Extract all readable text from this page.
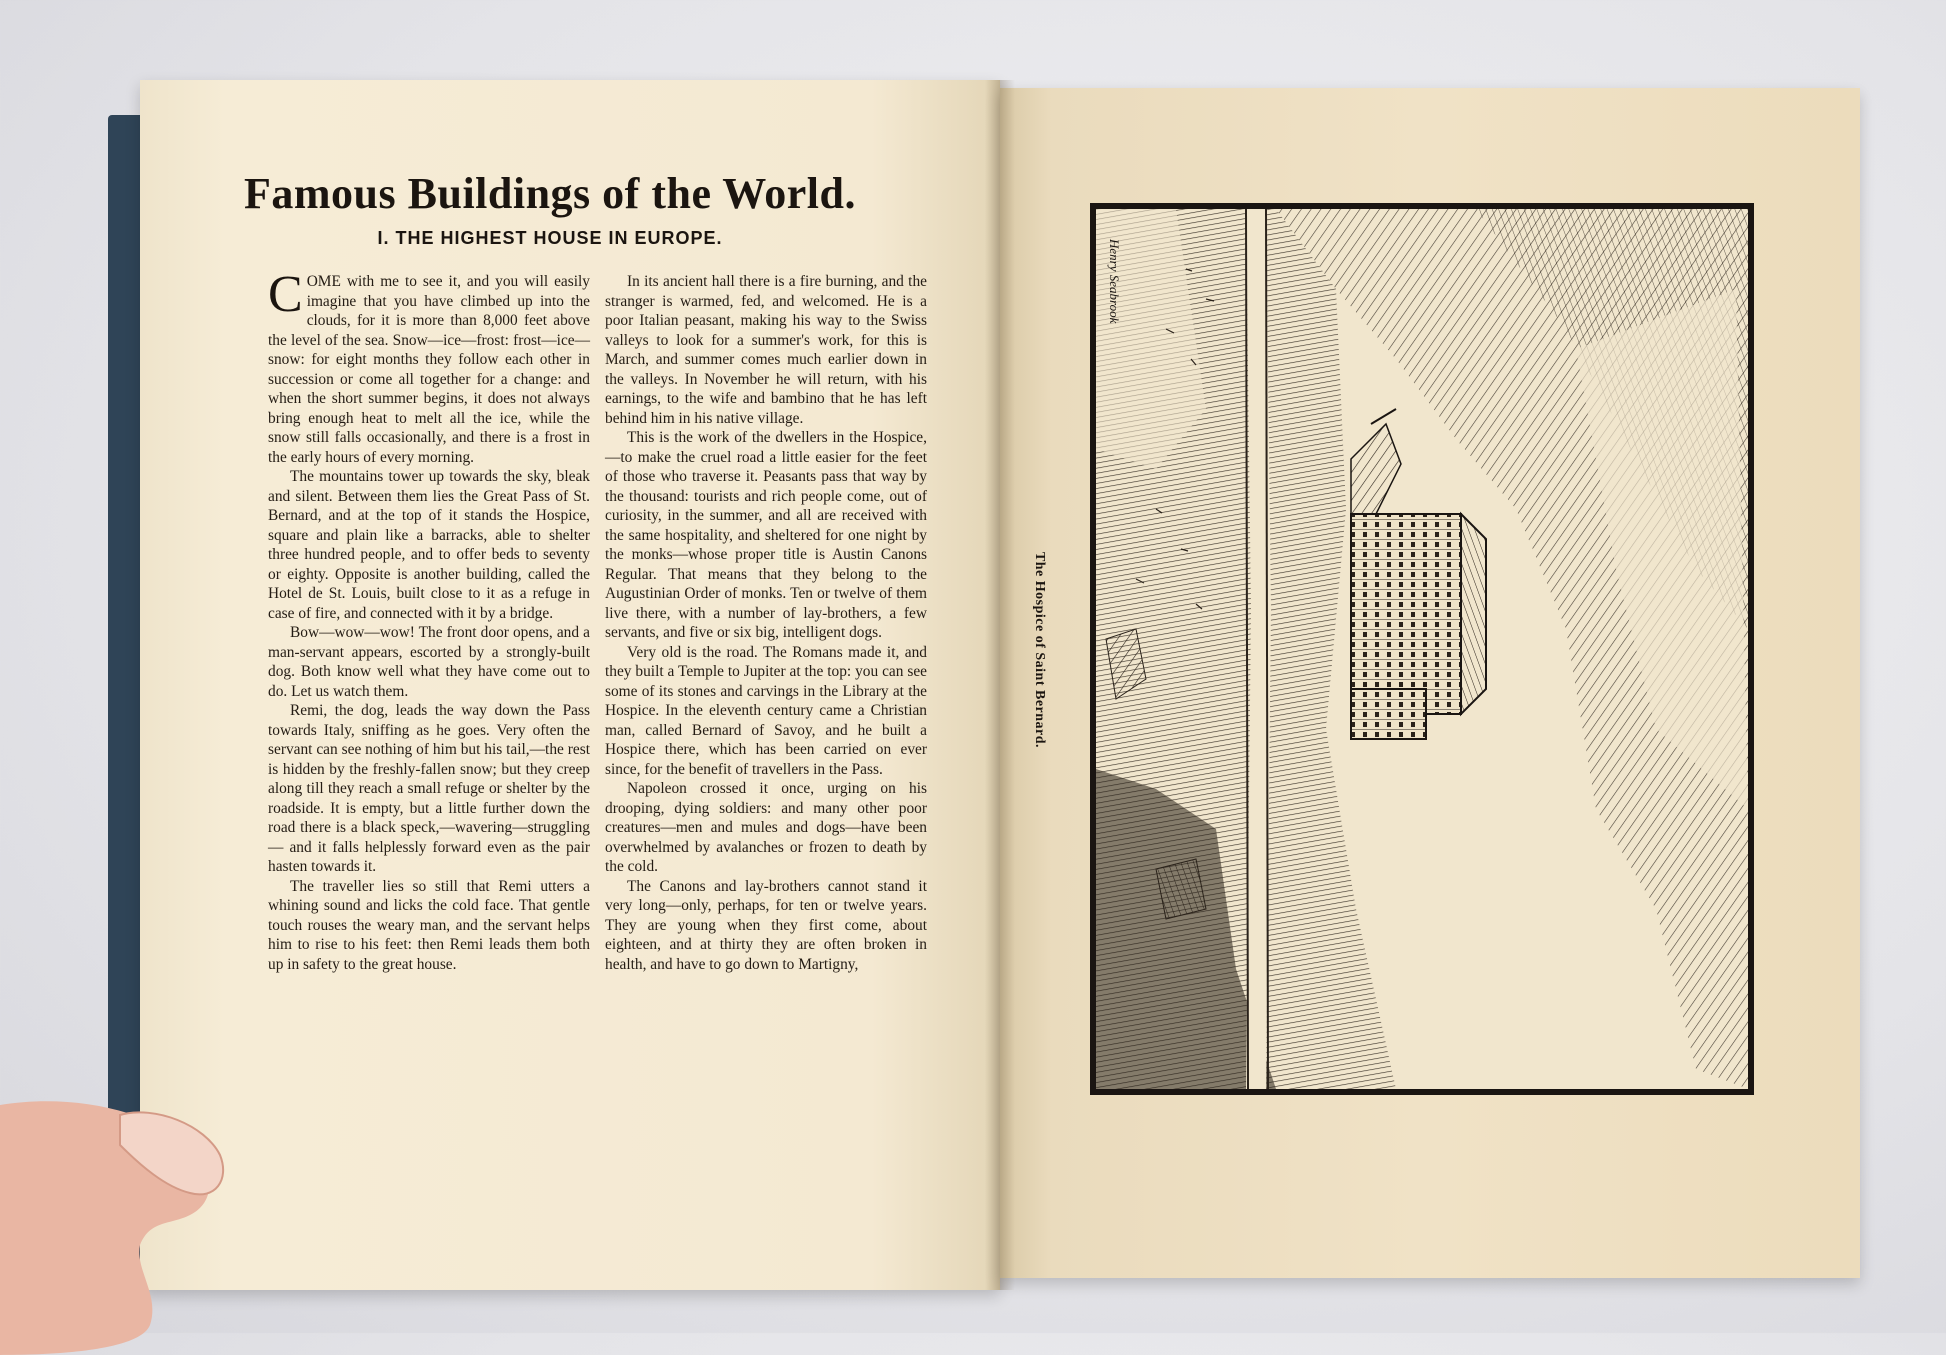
Famous Buildings of the World.
I. THE HIGHEST HOUSE IN EUROPE.

COME with me to see it, and you will easily imagine that you have climbed up into the clouds, for it is more than 8,000 feet above the level of the sea. Snow—ice—frost: frost—ice—snow: for eight months they follow each other in succession or come all together for a change: and when the short summer begins, it does not always bring enough heat to melt all the ice, while the snow still falls occasionally, and there is a frost in the early hours of every morning.

The mountains tower up towards the sky, bleak and silent. Between them lies the Great Pass of St. Bernard, and at the top of it stands the Hospice, square and plain like a barracks, able to shelter three hundred people, and to offer beds to seventy or eighty. Opposite is another building, called the Hotel de St. Louis, built close to it as a refuge in case of fire, and connected with it by a bridge.

Bow—wow—wow! The front door opens, and a man-servant appears, escorted by a strongly-built dog. Both know well what they have come out to do. Let us watch them.

Remi, the dog, leads the way down the Pass towards Italy, sniffing as he goes. Very often the servant can see nothing of him but his tail,—the rest is hidden by the freshly-fallen snow; but they creep along till they reach a small refuge or shelter by the roadside. It is empty, but a little further down the road there is a black speck,—wavering—struggling — and it falls helplessly forward even as the pair hasten towards it.

The traveller lies so still that Remi utters a whining sound and licks the cold face. That gentle touch rouses the weary man, and the servant helps him to rise to his feet: then Remi leads them both up in safety to the great house.

In its ancient hall there is a fire burning, and the stranger is warmed, fed, and welcomed. He is a poor Italian peasant, making his way to the Swiss valleys to look for a summer's work, for this is March, and summer comes much earlier down in the valleys. In November he will return, with his earnings, to the wife and bambino that he has left behind him in his native village.

This is the work of the dwellers in the Hospice,—to make the cruel road a little easier for the feet of those who traverse it. Peasants pass that way by the thousand: tourists and rich people come, out of curiosity, in the summer, and all are received with the same hospitality, and sheltered for one night by the monks—whose proper title is Austin Canons Regular. That means that they belong to the Augustinian Order of monks. Ten or twelve of them live there, with a number of lay-brothers, a few servants, and five or six big, intelligent dogs.

Very old is the road. The Romans made it, and they built a Temple to Jupiter at the top: you can see some of its stones and carvings in the Library at the Hospice. In the eleventh century came a Christian man, called Bernard of Savoy, and he built a Hospice there, which has been carried on ever since, for the benefit of travellers in the Pass.

Napoleon crossed it once, urging on his drooping, dying soldiers: and many other poor creatures—men and mules and dogs—have been overwhelmed by avalanches or frozen to death by the cold.

The Canons and lay-brothers cannot stand it very long—only, perhaps, for ten or twelve years. They are young when they first come, about eighteen, and at thirty they are often broken in health, and have to go down to Martigny,

The Hospice of Saint Bernard.
Henry Seabrook
